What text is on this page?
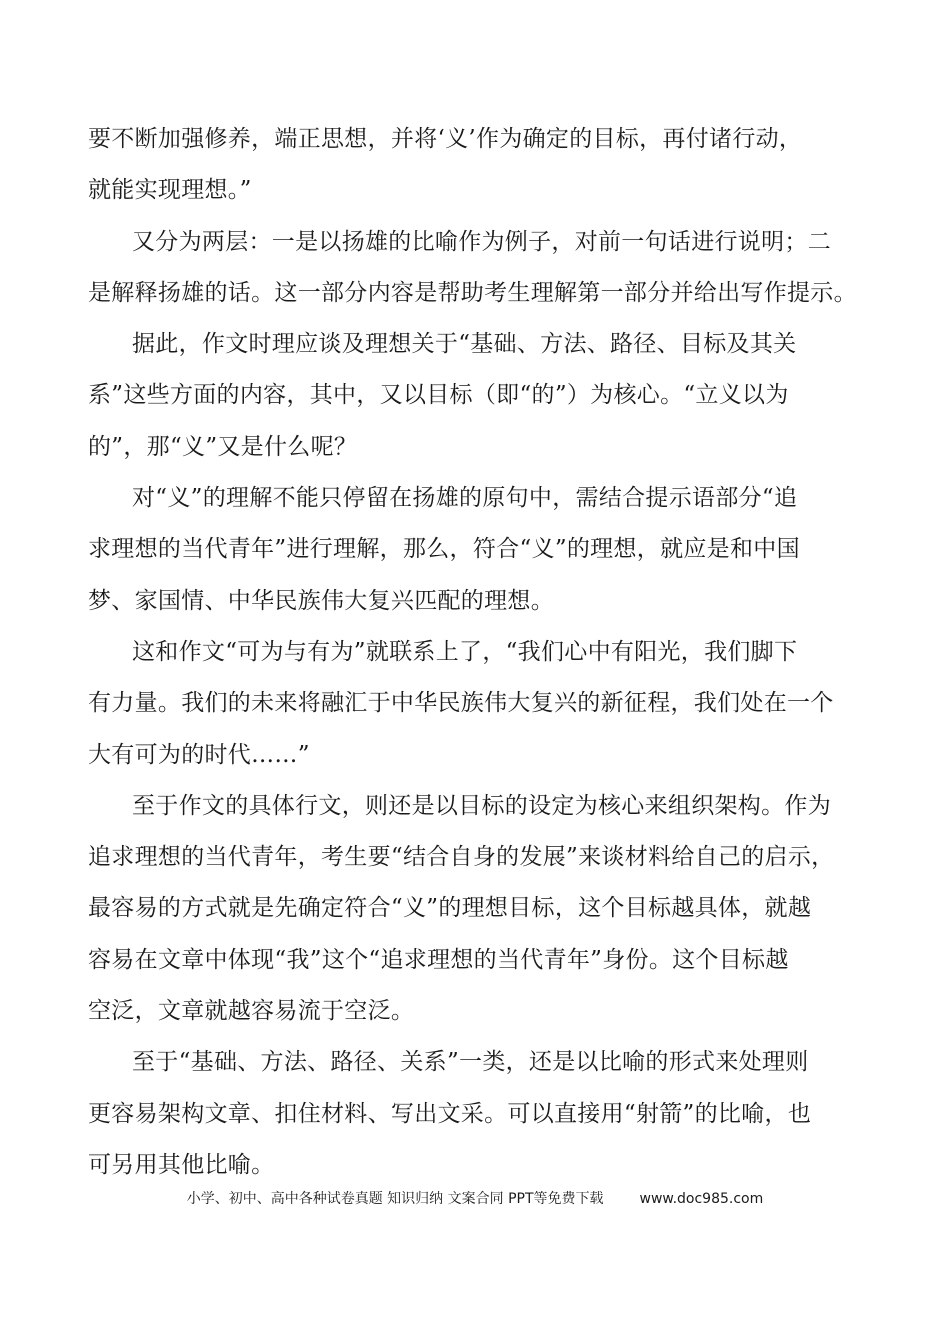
要不断加强修养，端正思想，并将‘义’作为确定的目标，再付诸行动，
就能实现理想。”
又分为两层：一是以扬雄的比喻作为例子，对前一句话进行说明；二
是解释扬雄的话。这一部分内容是帮助考生理解第一部分并给出写作提示。
据此，作文时理应谈及理想关于“基础、方法、路径、目标及其关
系”这些方面的内容，其中，又以目标（即“的”）为核心。“立义以为
的”，那“义”又是什么呢？
对“义”的理解不能只停留在扬雄的原句中，需结合提示语部分“追
求理想的当代青年”进行理解，那么，符合“义”的理想，就应是和中国
梦、家国情、中华民族伟大复兴匹配的理想。
这和作文“可为与有为”就联系上了，“我们心中有阳光，我们脚下
有力量。我们的未来将融汇于中华民族伟大复兴的新征程，我们处在一个
大有可为的时代……”
至于作文的具体行文，则还是以目标的设定为核心来组织架构。作为
追求理想的当代青年，考生要“结合自身的发展”来谈材料给自己的启示，
最容易的方式就是先确定符合“义”的理想目标，这个目标越具体，就越
容易在文章中体现“我”这个“追求理想的当代青年”身份。这个目标越
空泛，文章就越容易流于空泛。
至于“基础、方法、路径、关系”一类，还是以比喻的形式来处理则
更容易架构文章、扣住材料、写出文采。可以直接用“射箭”的比喻，也
可另用其他比喻。
小学、初中、高中各种试卷真题 知识归纳 文案合同 PPT等免费下载	www.doc985.com
